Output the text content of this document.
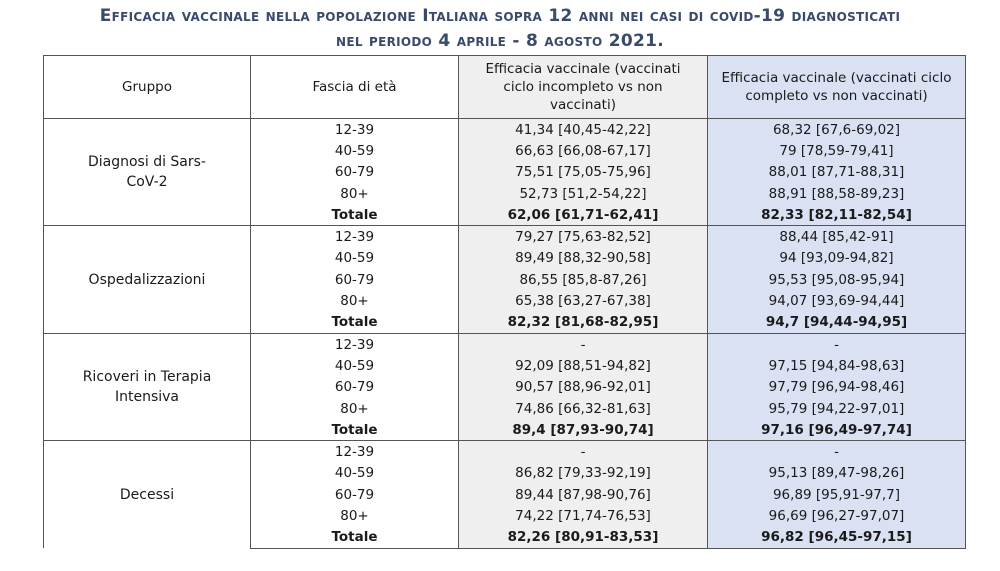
Efficacia vaccinale nella popolazione Italiana sopra 12 anni nei casi di covid-19 diagnosticati
nel periodo 4 aprile - 8 agosto 2021.
Gruppo	Fascia di età	Efficacia vaccinale (vaccinati ciclo incompleto vs non vaccinati)	Efficacia vaccinale (vaccinati ciclo completo vs non vaccinati)
Diagnosi di Sars-CoV-2	12-39	41,34 [40,45-42,22]	68,32 [67,6-69,02]
	40-59	66,63 [66,08-67,17]	79 [78,59-79,41]
	60-79	75,51 [75,05-75,96]	88,01 [87,71-88,31]
	80+	52,73 [51,2-54,22]	88,91 [88,58-89,23]
	Totale	62,06 [61,71-62,41]	82,33 [82,11-82,54]
Ospedalizzazioni	12-39	79,27 [75,63-82,52]	88,44 [85,42-91]
	40-59	89,49 [88,32-90,58]	94 [93,09-94,82]
	60-79	86,55 [85,8-87,26]	95,53 [95,08-95,94]
	80+	65,38 [63,27-67,38]	94,07 [93,69-94,44]
	Totale	82,32 [81,68-82,95]	94,7 [94,44-94,95]
Ricoveri in Terapia Intensiva	12-39	-	-
	40-59	92,09 [88,51-94,82]	97,15 [94,84-98,63]
	60-79	90,57 [88,96-92,01]	97,79 [96,94-98,46]
	80+	74,86 [66,32-81,63]	95,79 [94,22-97,01]
	Totale	89,4 [87,93-90,74]	97,16 [96,49-97,74]
Decessi	12-39	-	-
	40-59	86,82 [79,33-92,19]	95,13 [89,47-98,26]
	60-79	89,44 [87,98-90,76]	96,89 [95,91-97,7]
	80+	74,22 [71,74-76,53]	96,69 [96,27-97,07]
	Totale	82,26 [80,91-83,53]	96,82 [96,45-97,15]
